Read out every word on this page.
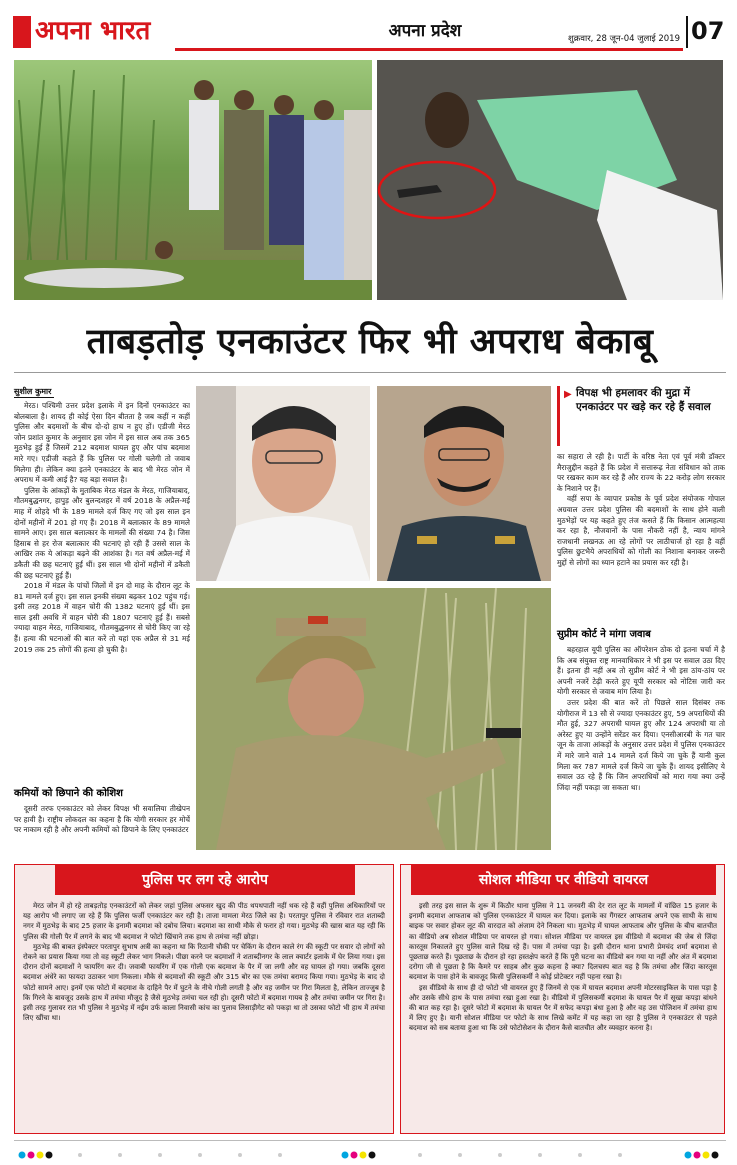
अपना भारत	अपना प्रदेश	शुक्रवार, 28 जून-04 जुलाई 2019 07
ताबड़तोड़ एनकाउंटर फिर भी अपराध बेकाबू
सुशील कुमार

मेरठ। पश्चिमी उत्तर प्रदेश इलाके में इन दिनों एनकाउंटर का बोलबाला है। शायद ही कोई ऐसा दिन बीतता है जब कहीं न कहीं पुलिस और बदमाशों के बीच दो-दो हाथ न हुए हों। एडीजी मेरठ जोन प्रशांत कुमार के अनुसार इस जोन में इस साल अब तक 365 मुठभेड़ हुई हैं जिसमें 212 बदमाश घायल हुए और पांच बदमाश मारे गए। एडीजी कहते हैं कि पुलिस पर गोली चलेगी तो जवाब मिलेगा ही। लेकिन क्या इतने एनकाउंटर के बाद भी मेरठ जोन में अपराध में कमी आई है? यह बड़ा सवाल है।

पुलिस के आंकड़ों के मुताबिक मेरठ मंडल के मेरठ, गाजियाबाद, गौतमबुद्धनगर, हापुड़ और बुलन्दशहर में वर्ष 2018 के अप्रैल-मई माह में शोहदे भी के 189 मामले दर्ज किए गए जो इस साल इन दोनों महीनों में 201 हो गए हैं। 2018 में बलात्कार के 89 मामले सामने आए। इस साल बलात्कार के मामलों की संख्या 74 है। जिस हिसाब से हर रोज बलात्कार की घटनाएं हो रही हैं उससे साल के आखिर तक ये आंकड़ा बढ़ने की आशंका है। गत वर्ष अप्रैल-मई में डकैती की छह घटनाएं हुईं थीं। इस साल भी दोनों महीनों में डकैती की छह घटनाएं हुई हैं।

2018 में मंडल के पांचों जिलों में इन दो माह के दौरान लूट के 81 मामले दर्ज हुए। इस साल इनकी संख्या बढ़कर 102 पहुंच गई। इसी तरह 2018 में वाहन चोरी की 1382 घटनाएं हुईं थीं। इस साल इसी अवधि में वाहन चोरी की 1807 घटनाएं हुई हैं। सबसे ज्यादा वाहन मेरठ, गाजियाबाद, गौतमबुद्धनगर से चोरी किए जा रहे हैं। हत्या की घटनाओं की बात करें तो यहां एक अप्रैल से 31 मई 2019 तक 25 लोगों की हत्या हो चुकी है।

कमियों को छिपाने की कोशिश

दूसरी तरफ एनकाउंटर को लेकर विपक्ष भी सवालिया तीखेपन पर हावी है। राष्ट्रीय लोकदल का कहना है कि योगी सरकार हर मोर्चे पर नाकाम रही है और अपनी कमियों को छिपाने के लिए एनकाउंटर

▶ विपक्ष भी हमलावर की मुद्रा में एनकाउंटर पर खड़े कर रहे हैं सवाल

का सहारा ले रही है। पार्टी के वरिष्ठ नेता एवं पूर्व मंत्री डॉक्टर मैराजुद्दीन कहते हैं कि प्रदेश में सत्तारूढ़ नेता संविधान को ताक पर रखकर काम कर रहे हैं और राज्य के 22 करोड़ लोग सरकार के निशाने पर हैं।

वहीं सपा के व्यापार प्रकोष्ठ के पूर्व प्रदेश संयोजक गोपाल अग्रवाल उत्तर प्रदेश पुलिस की बदमाशों के साथ होने वाली मुठभेड़ों पर यह कहते हुए तंज कसते हैं कि किसान आत्महत्या कर रहा है, नौजवानों के पास नौकरी नहीं है, न्याय मांगने राजधानी लखनऊ आ रहे लोगों पर लाठीचार्ज हो रहा है वहीं पुलिस छुटभैये अपराधियों को गोली का निशाना बनाकर जरूरी मुद्दों से लोगों का ध्यान हटाने का प्रयास कर रही है।

सुप्रीम कोर्ट ने मांगा जवाब

बहरहाल यूपी पुलिस का ऑपरेशन ठोक दो इतना चर्चा में है कि अब संयुक्त राष्ट्र मानवाधिकार ने भी इस पर सवाल उठा दिए हैं। इतना ही नहीं अब तो सुप्रीम कोर्ट ने भी इस ठांय-ठांय पर अपनी नजरें टेढ़ी करते हुए यूपी सरकार को नोटिस जारी कर योगी सरकार से जवाब मांग लिया है।

उत्तर प्रदेश की बात करें तो पिछले साल दिसंबर तक योगीराज में 13 सौ से ज्यादा एनकाउंटर हुए, 59 अपराधियों की मौत हुई, 327 अपराधी घायल हुए और 124 अपराधी या तो अरेस्ट हुए या उन्होंने सरेंडर कर दिया। एनसीआरबी के गत चार जून के ताजा आंकड़ों के अनुसार उत्तर प्रदेश में पुलिस एनकाउंटर में मारे जाने वाले 14 मामले दर्ज किये जा चुके हैं यानी कुल मिला कर 787 मामले दर्ज किये जा चुके हैं। शायद इसीलिए ये सवाल उठ रहे हैं कि जिन अपराधियों को मारा गया क्या उन्हें जिंदा नहीं पकड़ा जा सकता था।

पुलिस पर लग रहे आरोप

मेरठ जोन में हो रहे ताबड़तोड़ एनकाउंटरों को लेकर जहां पुलिस अफसर खुद की पीठ थपथपाती नहीं थक रहे हैं वहीं पुलिस अधिकारियों पर यह आरोप भी लगाए जा रहे हैं कि पुलिस फर्जी एनकाउंटर कर रही है। ताजा मामला मेरठ जिले का है। परतापुर पुलिस ने रविवार रात शताब्दी नगर में मुठभेड़ के बाद 25 हजार के इनामी बदमाश को दबोच लिया। बदमाश का साथी मौके से फरार हो गया। मुठभेड़ की खास बात यह रही कि पुलिस की गोली पैर में लगने के बाद भी बदमाश ने फोटो खिंचाने तक हाथ से तमंचा नहीं छोड़ा।

मुठभेड़ की बाबत इंस्पेक्टर परतापुर सुभाष अत्री का कहना था कि रिठानी चौकी पर चेकिंग के दौरान काले रंग की स्कूटी पर सवार दो लोगों को रोकने का प्रयास किया गया तो वह स्कूटी लेकर भाग निकले। पीछा करने पर बदमाशों ने शताब्दीनगर के लाल क्वार्टर इलाके में घेर लिया गया। इस दौरान दोनों बदमाशों ने फायरिंग कर दी। जवाबी फायरिंग में एक गोली एक बदमाश के पैर में जा लगी और वह घायल हो गया। जबकि दूसरा बदमाश अंधेरे का फायदा उठाकर भाग निकला। मौके से बदमाशों की स्कूटी और 315 बोर का एक तमंचा बरामद किया गया। मुठभेड़ के बाद दो फोटो सामने आए। इनमें एक फोटो में बदमाश के दाहिने पैर में घुटने के नीचे गोली लगती है और वह जमीन पर गिरा मिलता है, लेकिन ताज्जुब है कि गिरने के बावजूद उसके हाथ में तमंचा मौजूद है जैसे मुठभेड़ तमंचा चल रही हो। दूसरी फोटो में बदमाश गायब है और तमंचा जमीन पर गिरा है। इसी तरह गुलावर रात भी पुलिस ने मुठभेड़ में नईम उर्फ काला निवासी कांच का पुलाव लिसाड़ीगेट को पकड़ा था तो उसका फोटो भी हाथ में तमंचा लिए खींचा था।

सोशल मीडिया पर वीडियो वायरल

इसी तरह इस साल के शुरू में किठौर थाना पुलिस ने 11 जनवरी की देर रात लूट के मामलों में वांछित 15 हजार के इनामी बदमाश आफताब को पुलिस एनकाउंटर में घायल कर दिया। इलाके का गैंगस्टर आफताब अपने एक साथी के साथ बाइक पर सवार होकर लूट की वारदात को अंजाम देने निकला था। मुठभेड़ में घायल आफताब और पुलिस के बीच बातचीत का वीडियो अब सोशल मीडिया पर वायरल हो गया। सोशल मीडिया पर वायरल इस वीडियो में बदमाश की जेब से जिंदा कारतूस निकालते हुए पुलिस वाले दिख रहे हैं। पास में तमंचा पड़ा है। इसी दौरान थाना प्रभारी प्रेमचंद शर्मा बदमाश से पूछताछ करते हैं। पूछताछ के दौरान हो रहा हस्तक्षेप करते हैं कि पूरी घटना का वीडियो बन गया या नहीं और अंत में बदमाश दरोगा जी से पूछता है कि कैमरे पर साहब और कुछ कहना है क्या? दिलचस्प बात यह है कि तमंचा और जिंदा कारतूस बदमाश के पास होने के बावजूद किसी पुलिसकर्मी ने कोई प्रोटेक्टर नहीं पहना रखा है।

इस वीडियो के साथ ही दो फोटो भी वायरल हुए हैं जिनमें से एक में घायल बदमाश अपनी मोटरसाइकिल के पास पड़ा है और उसके सीधे हाथ के पास तमंचा रखा हुआ रखा है। वीडियो में पुलिसकर्मी बदमाश के घायल पैर में सूखा कपड़ा बांधने की बात कह रहा है। दूसरे फोटो में बदमाश के घायल पैर में सफेद कपड़ा बंधा हुआ है और वह उस पोजिशन में तमंचा हाथ में लिए हुए है। यानी सोशल मीडिया पर फोटो के साथ लिखे कमेंट में यह कहा जा रहा है पुलिस ने एनकाउंटर से पहले बदमाश को सब बताया हुआ था कि उसे फोटोसेशन के दौरान कैसे बातचीत और व्यवहार करना है।
